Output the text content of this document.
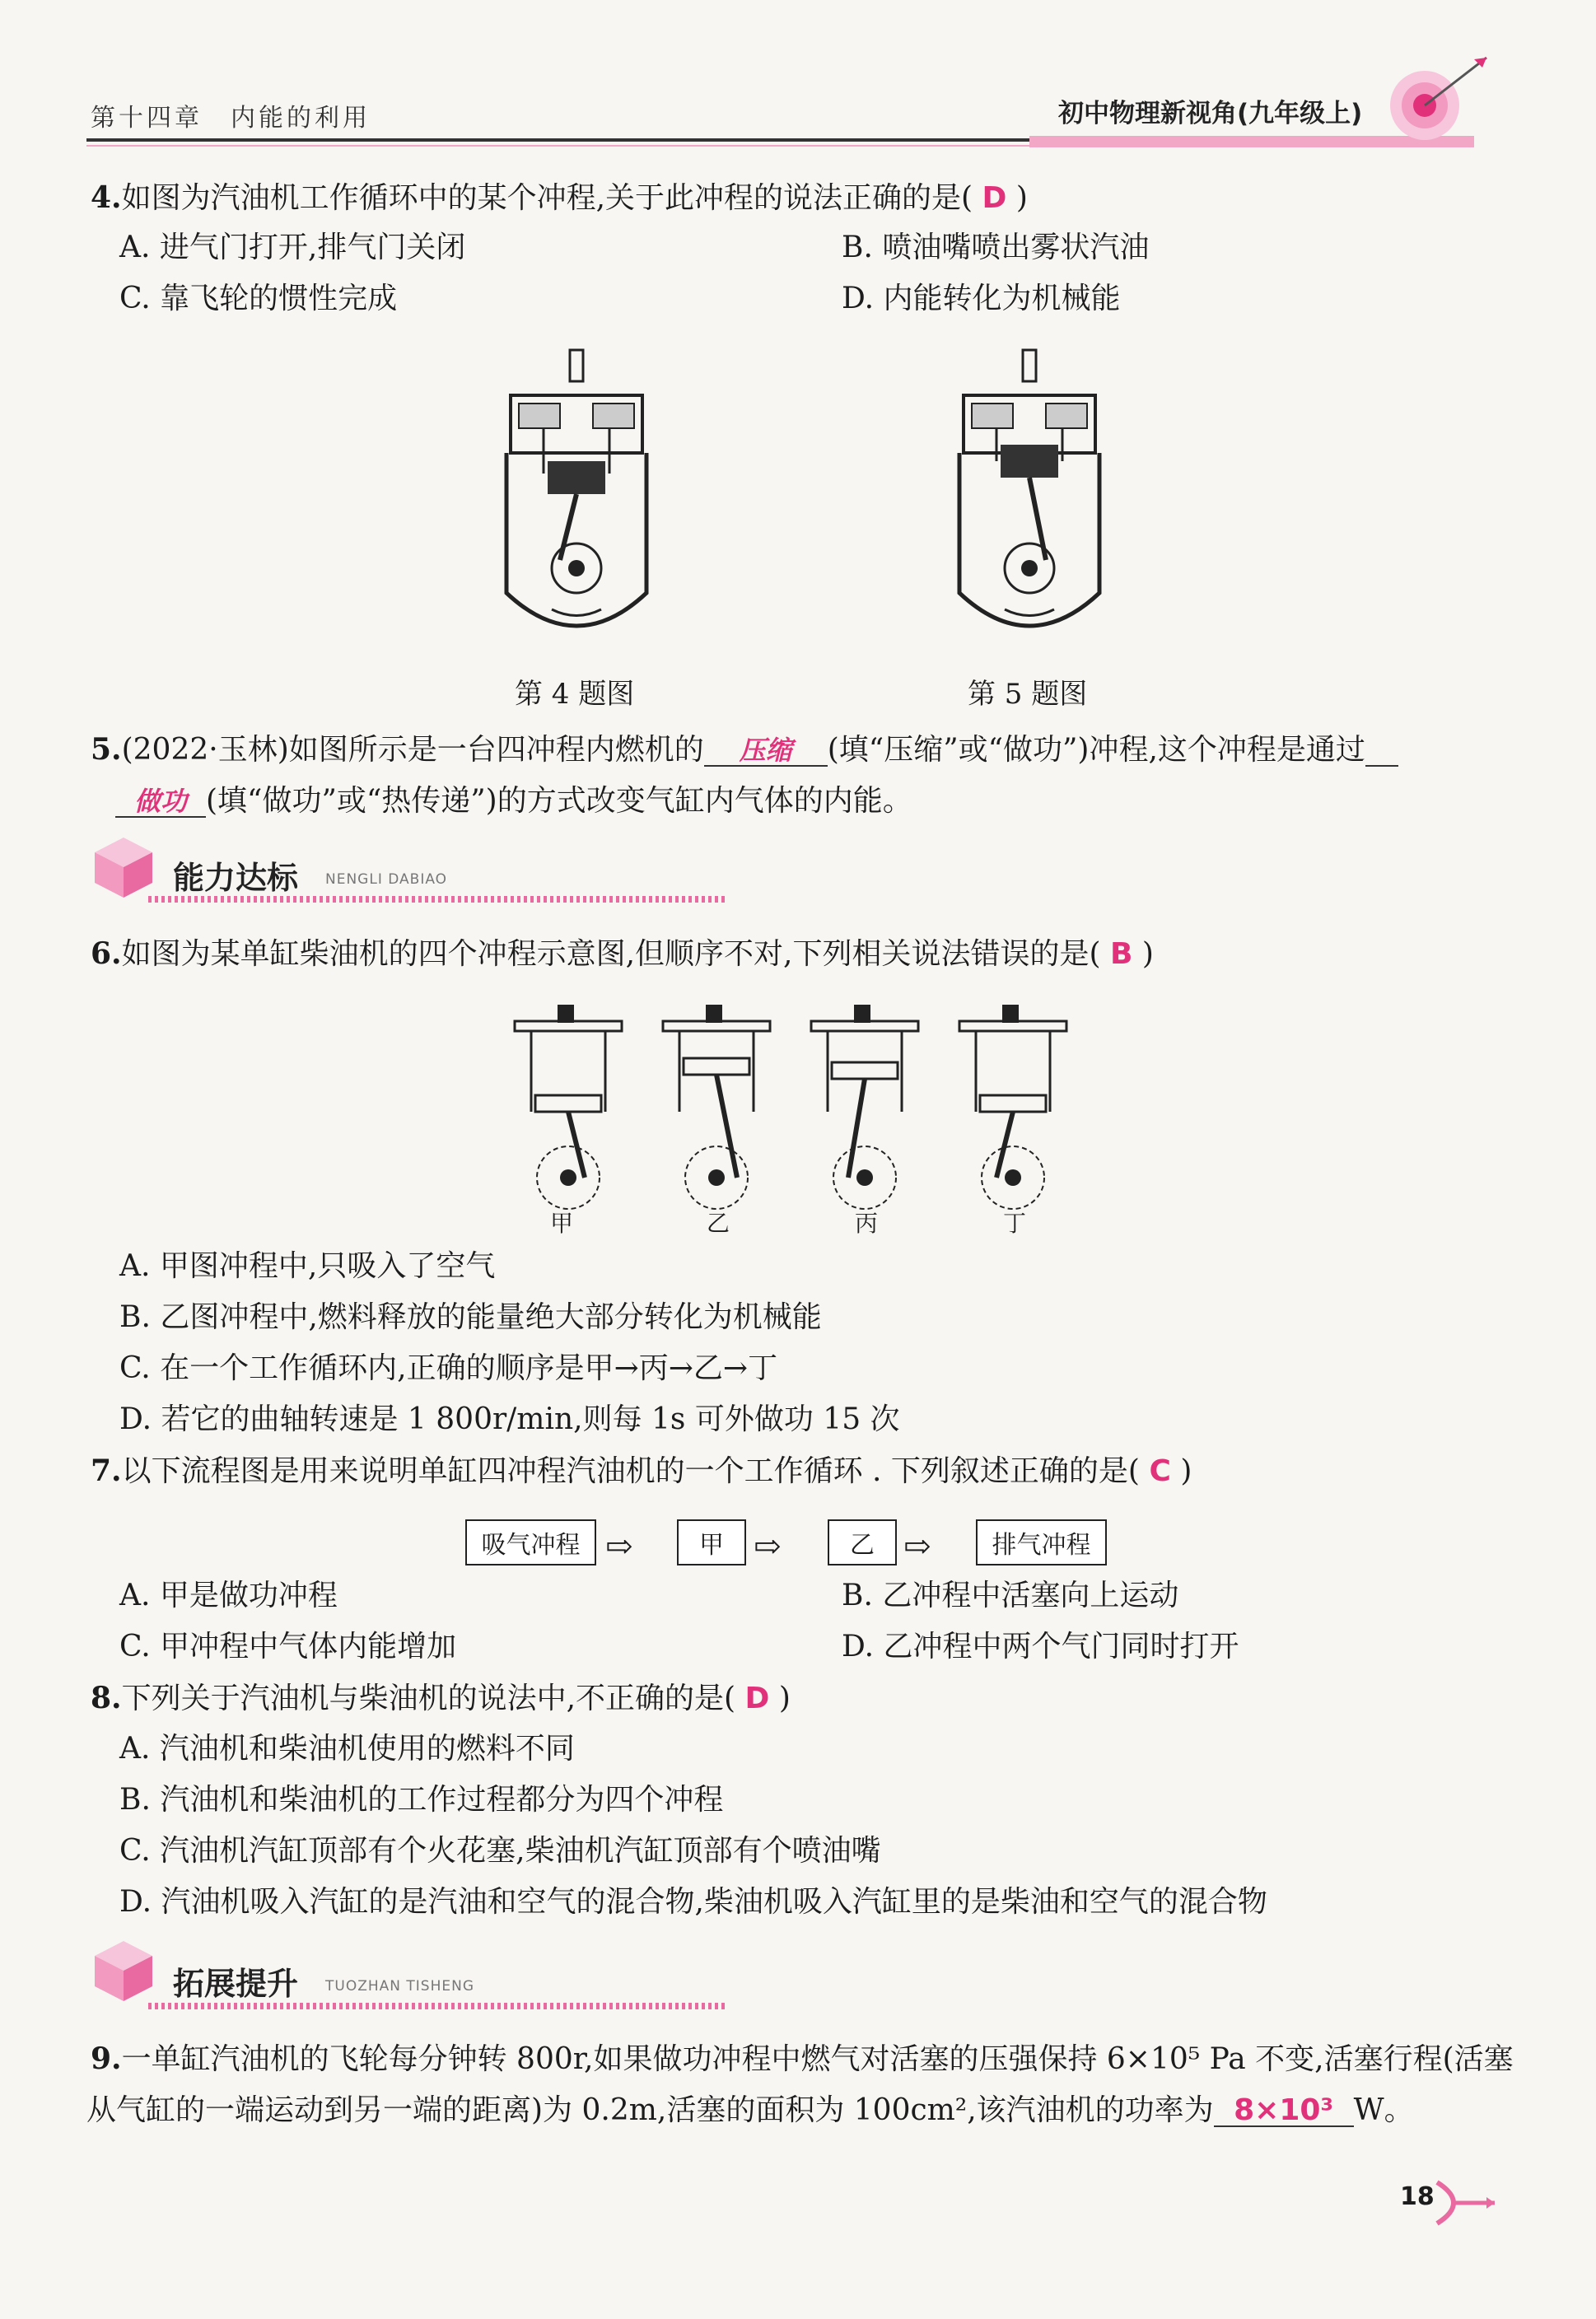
第十四章　内能的利用	初中物理新视角(九年级上)
4.如图为汽油机工作循环中的某个冲程,关于此冲程的说法正确的是( D )
A. 进气门打开,排气门关闭	B. 喷油嘴喷出雾状汽油
C. 靠飞轮的惯性完成	D. 内能转化为机械能
第 4 题图	第 5 题图
5.(2022·玉林)如图所示是一台四冲程内燃机的 压缩 (填“压缩”或“做功”)冲程,这个冲程是通过
做功 (填“做功”或“热传递”)的方式改变气缸内气体的内能。
能力达标 NENGLI DABIAO
6.如图为某单缸柴油机的四个冲程示意图,但顺序不对,下列相关说法错误的是( B )
甲	乙	丙	丁
A. 甲图冲程中,只吸入了空气
B. 乙图冲程中,燃料释放的能量绝大部分转化为机械能
C. 在一个工作循环内,正确的顺序是甲→丙→乙→丁
D. 若它的曲轴转速是 1 800r/min,则每 1s 可外做功 15 次
7.以下流程图是用来说明单缸四冲程汽油机的一个工作循环 . 下列叙述正确的是( C )
吸气冲程 ⇨	甲 ⇨	乙 ⇨	排气冲程
A. 甲是做功冲程	B. 乙冲程中活塞向上运动
C. 甲冲程中气体内能增加	D. 乙冲程中两个气门同时打开
8.下列关于汽油机与柴油机的说法中,不正确的是( D )
A. 汽油机和柴油机使用的燃料不同
B. 汽油机和柴油机的工作过程都分为四个冲程
C. 汽油机汽缸顶部有个火花塞,柴油机汽缸顶部有个喷油嘴
D. 汽油机吸入汽缸的是汽油和空气的混合物,柴油机吸入汽缸里的是柴油和空气的混合物
拓展提升 TUOZHAN TISHENG
9.一单缸汽油机的飞轮每分钟转 800r,如果做功冲程中燃气对活塞的压强保持 6×10⁵ Pa 不变,活塞行程(活塞
从气缸的一端运动到另一端的距离)为 0.2m,活塞的面积为 100cm²,该汽油机的功率为 8×10³ W。
18
